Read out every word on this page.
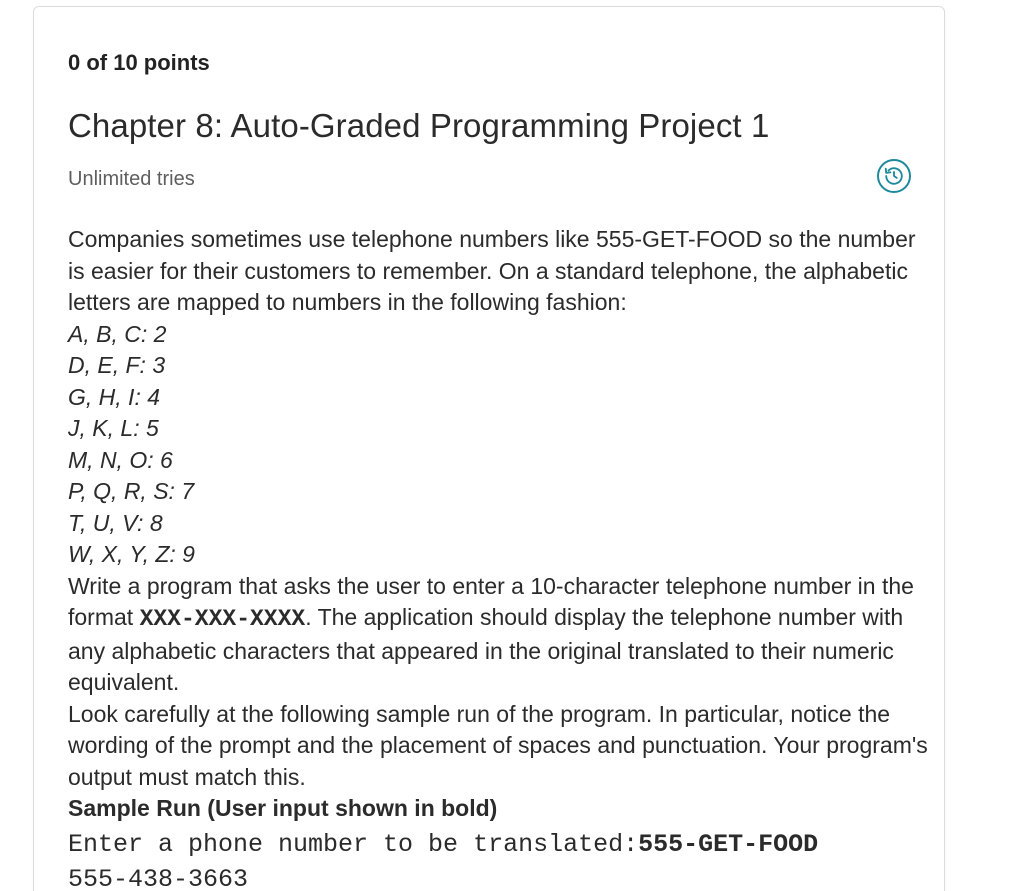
0 of 10 points

Chapter 8: Auto-Graded Programming Project 1

Unlimited tries

Companies sometimes use telephone numbers like 555-GET-FOOD so the number is easier for their customers to remember. On a standard telephone, the alphabetic letters are mapped to numbers in the following fashion:

A, B, C: 2
D, E, F: 3
G, H, I: 4
J, K, L: 5
M, N, O: 6
P, Q, R, S: 7
T, U, V: 8
W, X, Y, Z: 9

Write a program that asks the user to enter a 10-character telephone number in the format XXX-XXX-XXXX. The application should display the telephone number with any alphabetic characters that appeared in the original translated to their numeric equivalent.

Look carefully at the following sample run of the program. In particular, notice the wording of the prompt and the placement of spaces and punctuation. Your program's output must match this.

Sample Run (User input shown in bold)

Enter a phone number to be translated:555-GET-FOOD
555-438-3663
